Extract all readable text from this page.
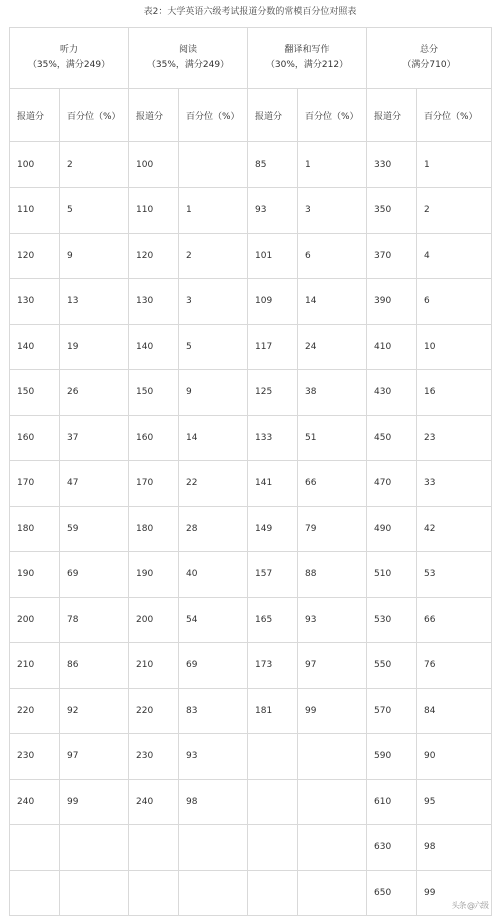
表2：大学英语六级考试报道分数的常模百分位对照表
听力
（35%，满分249）		阅读
（35%，满分249）		翻译和写作
（30%，满分212）		总分
（满分710）	

报道分	百分位（%）	报道分	百分位（%）	报道分	百分位（%）	报道分	百分位（%）
100	2	100		85	1	330	1
110	5	110	1	93	3	350	2
120	9	120	2	101	6	370	4
130	13	130	3	109	14	390	6
140	19	140	5	117	24	410	10
150	26	150	9	125	38	430	16
160	37	160	14	133	51	450	23
170	47	170	22	141	66	470	33
180	59	180	28	149	79	490	42
190	69	190	40	157	88	510	53
200	78	200	54	165	93	530	66
210	86	210	69	173	97	550	76
220	92	220	83	181	99	570	84
230	97	230	93			590	90
240	99	240	98			610	95
						630	98
						650	99
头条 @六级
